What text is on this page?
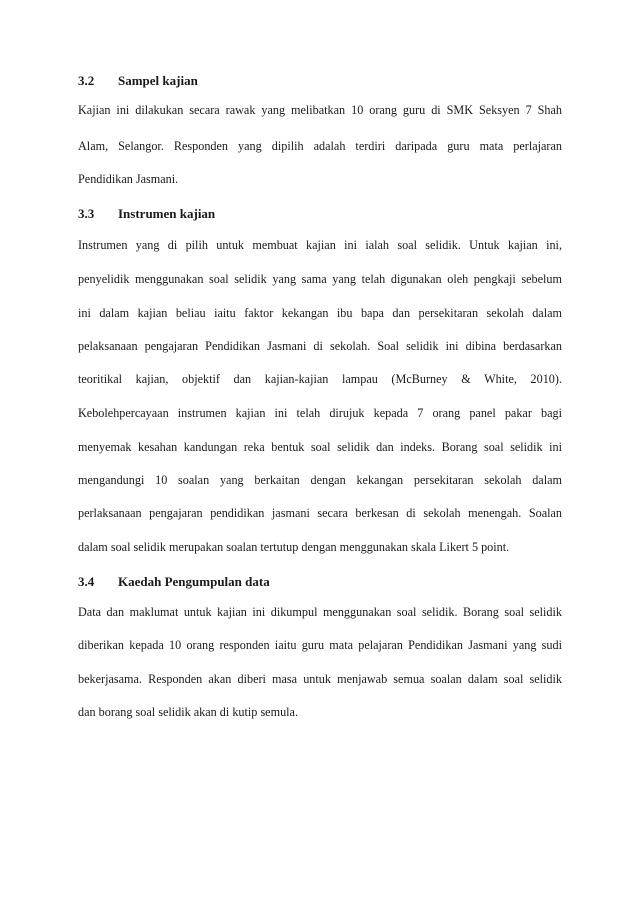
3.2 Sampel kajian
Kajian ini dilakukan secara rawak yang melibatkan 10 orang guru di SMK Seksyen 7 Shah
Alam, Selangor. Responden yang dipilih adalah terdiri daripada guru mata perlajaran
Pendidikan Jasmani.
3.3 Instrumen kajian
Instrumen yang di pilih untuk membuat kajian ini ialah soal selidik. Untuk kajian ini,
penyelidik menggunakan soal selidik yang sama yang telah digunakan oleh pengkaji sebelum
ini dalam kajian beliau iaitu faktor kekangan ibu bapa dan persekitaran sekolah dalam
pelaksanaan pengajaran Pendidikan Jasmani di sekolah. Soal selidik ini dibina berdasarkan
teoritikal kajian, objektif dan kajian-kajian lampau (McBurney & White, 2010).
Kebolehpercayaan instrumen kajian ini telah dirujuk kepada 7 orang panel pakar bagi
menyemak kesahan kandungan reka bentuk soal selidik dan indeks. Borang soal selidik ini
mengandungi 10 soalan yang berkaitan dengan kekangan persekitaran sekolah dalam
perlaksanaan pengajaran pendidikan jasmani secara berkesan di sekolah menengah. Soalan
dalam soal selidik merupakan soalan tertutup dengan menggunakan skala Likert 5 point.
3.4 Kaedah Pengumpulan data
Data dan maklumat untuk kajian ini dikumpul menggunakan soal selidik. Borang soal selidik
diberikan kepada 10 orang responden iaitu guru mata pelajaran Pendidikan Jasmani yang sudi
bekerjasama. Responden akan diberi masa untuk menjawab semua soalan dalam soal selidik
dan borang soal selidik akan di kutip semula.
